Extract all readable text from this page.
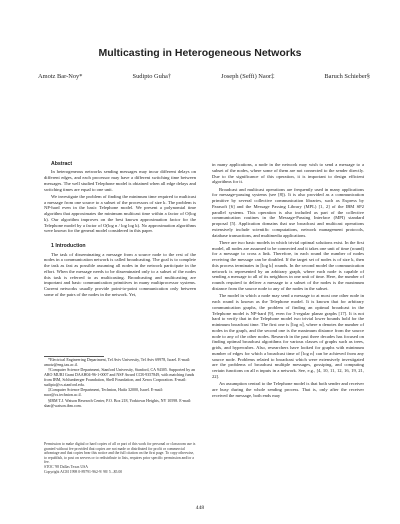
Multicasting in Heterogeneous Networks
Amotz Bar-Noy*	Sudipto Guha†	Joseph (Seffi) Naor‡	Baruch Schieber§

Abstract

In heterogeneous networks sending messages may incur different delays on different edges, and each processor may have a different switching time between messages. The well studied Telephone model is obtained when all edge delays and switching times are equal to one unit.

We investigate the problem of finding the minimum time required to multicast a message from one source to a subset of the processors of size k. The problem is NP-hard even in the basic Telephone model. We present a polynomial time algorithm that approximates the minimum multicast time within a factor of O(log k). Our algorithm improves on the best known approximation factor for the Telephone model by a factor of O(log n / log log k). No approximation algorithms were known for the general model considered in this paper.

1 Introduction

The task of disseminating a message from a source node to the rest of the nodes in a communication network is called broadcasting. The goal is to complete the task as fast as possible assuming all nodes in the network participate in the effort. When the message needs to be disseminated only to a subset of the nodes this task is referred to as multicasting. Broadcasting and multicasting are important and basic communication primitives in many multiprocessor systems. Current networks usually provide point-to-point communication only between some of the pairs of the nodes in the network. Yet,

*Electrical Engineering Department, Tel Aviv University, Tel Aviv 69978, Israel. E-mail: amotz@eng.tau.ac.il.

†Computer Science Department, Stanford University, Stanford, CA 94305. Supported by an ARO MURI Grant DAAH04-96-1-0007 and NSF Award CCR-9357849, with matching funds from IBM, Schlumberger Foundation, Shell Foundation, and Xerox Corporation. E-mail: sudipto@cs.stanford.edu.

‡Computer Science Department, Technion, Haifa 32000, Israel. E-mail: naor@cs.technion.ac.il.

§IBM T.J. Watson Research Center, P.O. Box 218, Yorktown Heights, NY 10598. E-mail: sbar@watson.ibm.com.

Permission to make digital or hard copies of all or part of this work for personal or classroom use is granted without fee provided that copies are not made or distributed for profit or commercial advantage and that copies bear this notice and the full citation on the first page. To copy otherwise, to republish, to post on servers or to redistribute to lists, requires prior specific permission and/or a fee.
STOC '98 Dallas Texas USA
Copyright ACM 1998 0-89791-962-9/ 98/ 5...$5.00

in many applications, a node in the network may wish to send a message to a subset of the nodes, where some of them are not connected to the sender directly. Due to the significance of this operation, it is important to design efficient algorithms for it.

Broadcast and multicast operations are frequently used in many applications for message-passing systems (see [8]). It is also provided as a communication primitive by several collective communication libraries, such as Express by Parasoft [6] and the Message Passing Library (MPL) [1, 2] of the IBM SP2 parallel systems. This operation is also included as part of the collective communication routines in the Message-Passing Interface (MPI) standard proposal [5]. Application domains that use broadcast and multicast operations extensively include scientific computations, network management protocols, database transactions, and multimedia applications.

There are two basic models in which trivial optimal solutions exist. In the first model, all nodes are assumed to be connected and it takes one unit of time (round) for a message to cross a link. Therefore, in each round the number of nodes receiving the message can be doubled. If the target set of nodes is of size k, then this process terminates in ⌈log k⌉ rounds. In the second model the communication network is represented by an arbitrary graph, where each node is capable of sending a message to all of its neighbors in one unit of time. Here, the number of rounds required to deliver a message to a subset of the nodes is the maximum distance from the source node to any of the nodes in the subset.

The model in which a node may send a message to at most one other node in each round is known as the Telephone model. It is known that for arbitrary communication graphs, the problem of finding an optimal broadcast in the Telephone model is NP-hard [9], even for 3-regular planar graphs [17]. It is not hard to verify that in the Telephone model two trivial lower bounds hold for the minimum broadcast time. The first one is ⌈log n⌉, where n denotes the number of nodes in the graph, and the second one is the maximum distance from the source node to any of the other nodes. Research in the past three decades has focused on finding optimal broadcast algorithms for various classes of graphs such as trees, grids, and hypercubes. Also, researchers have looked for graphs with minimum number of edges for which a broadcast time of ⌈log n⌉ can be achieved from any source node. Problems related to broadcast which were extensively investigated are the problems of broadcast multiple messages, gossiping, and computing certain functions on all n inputs in a network. See, e.g., [4, 10, 11, 12, 16, 19, 21, 22].

An assumption central to the Telephone model is that both sender and receiver are busy during the whole sending process. That is, only after the receiver received the message, both ends may

448
